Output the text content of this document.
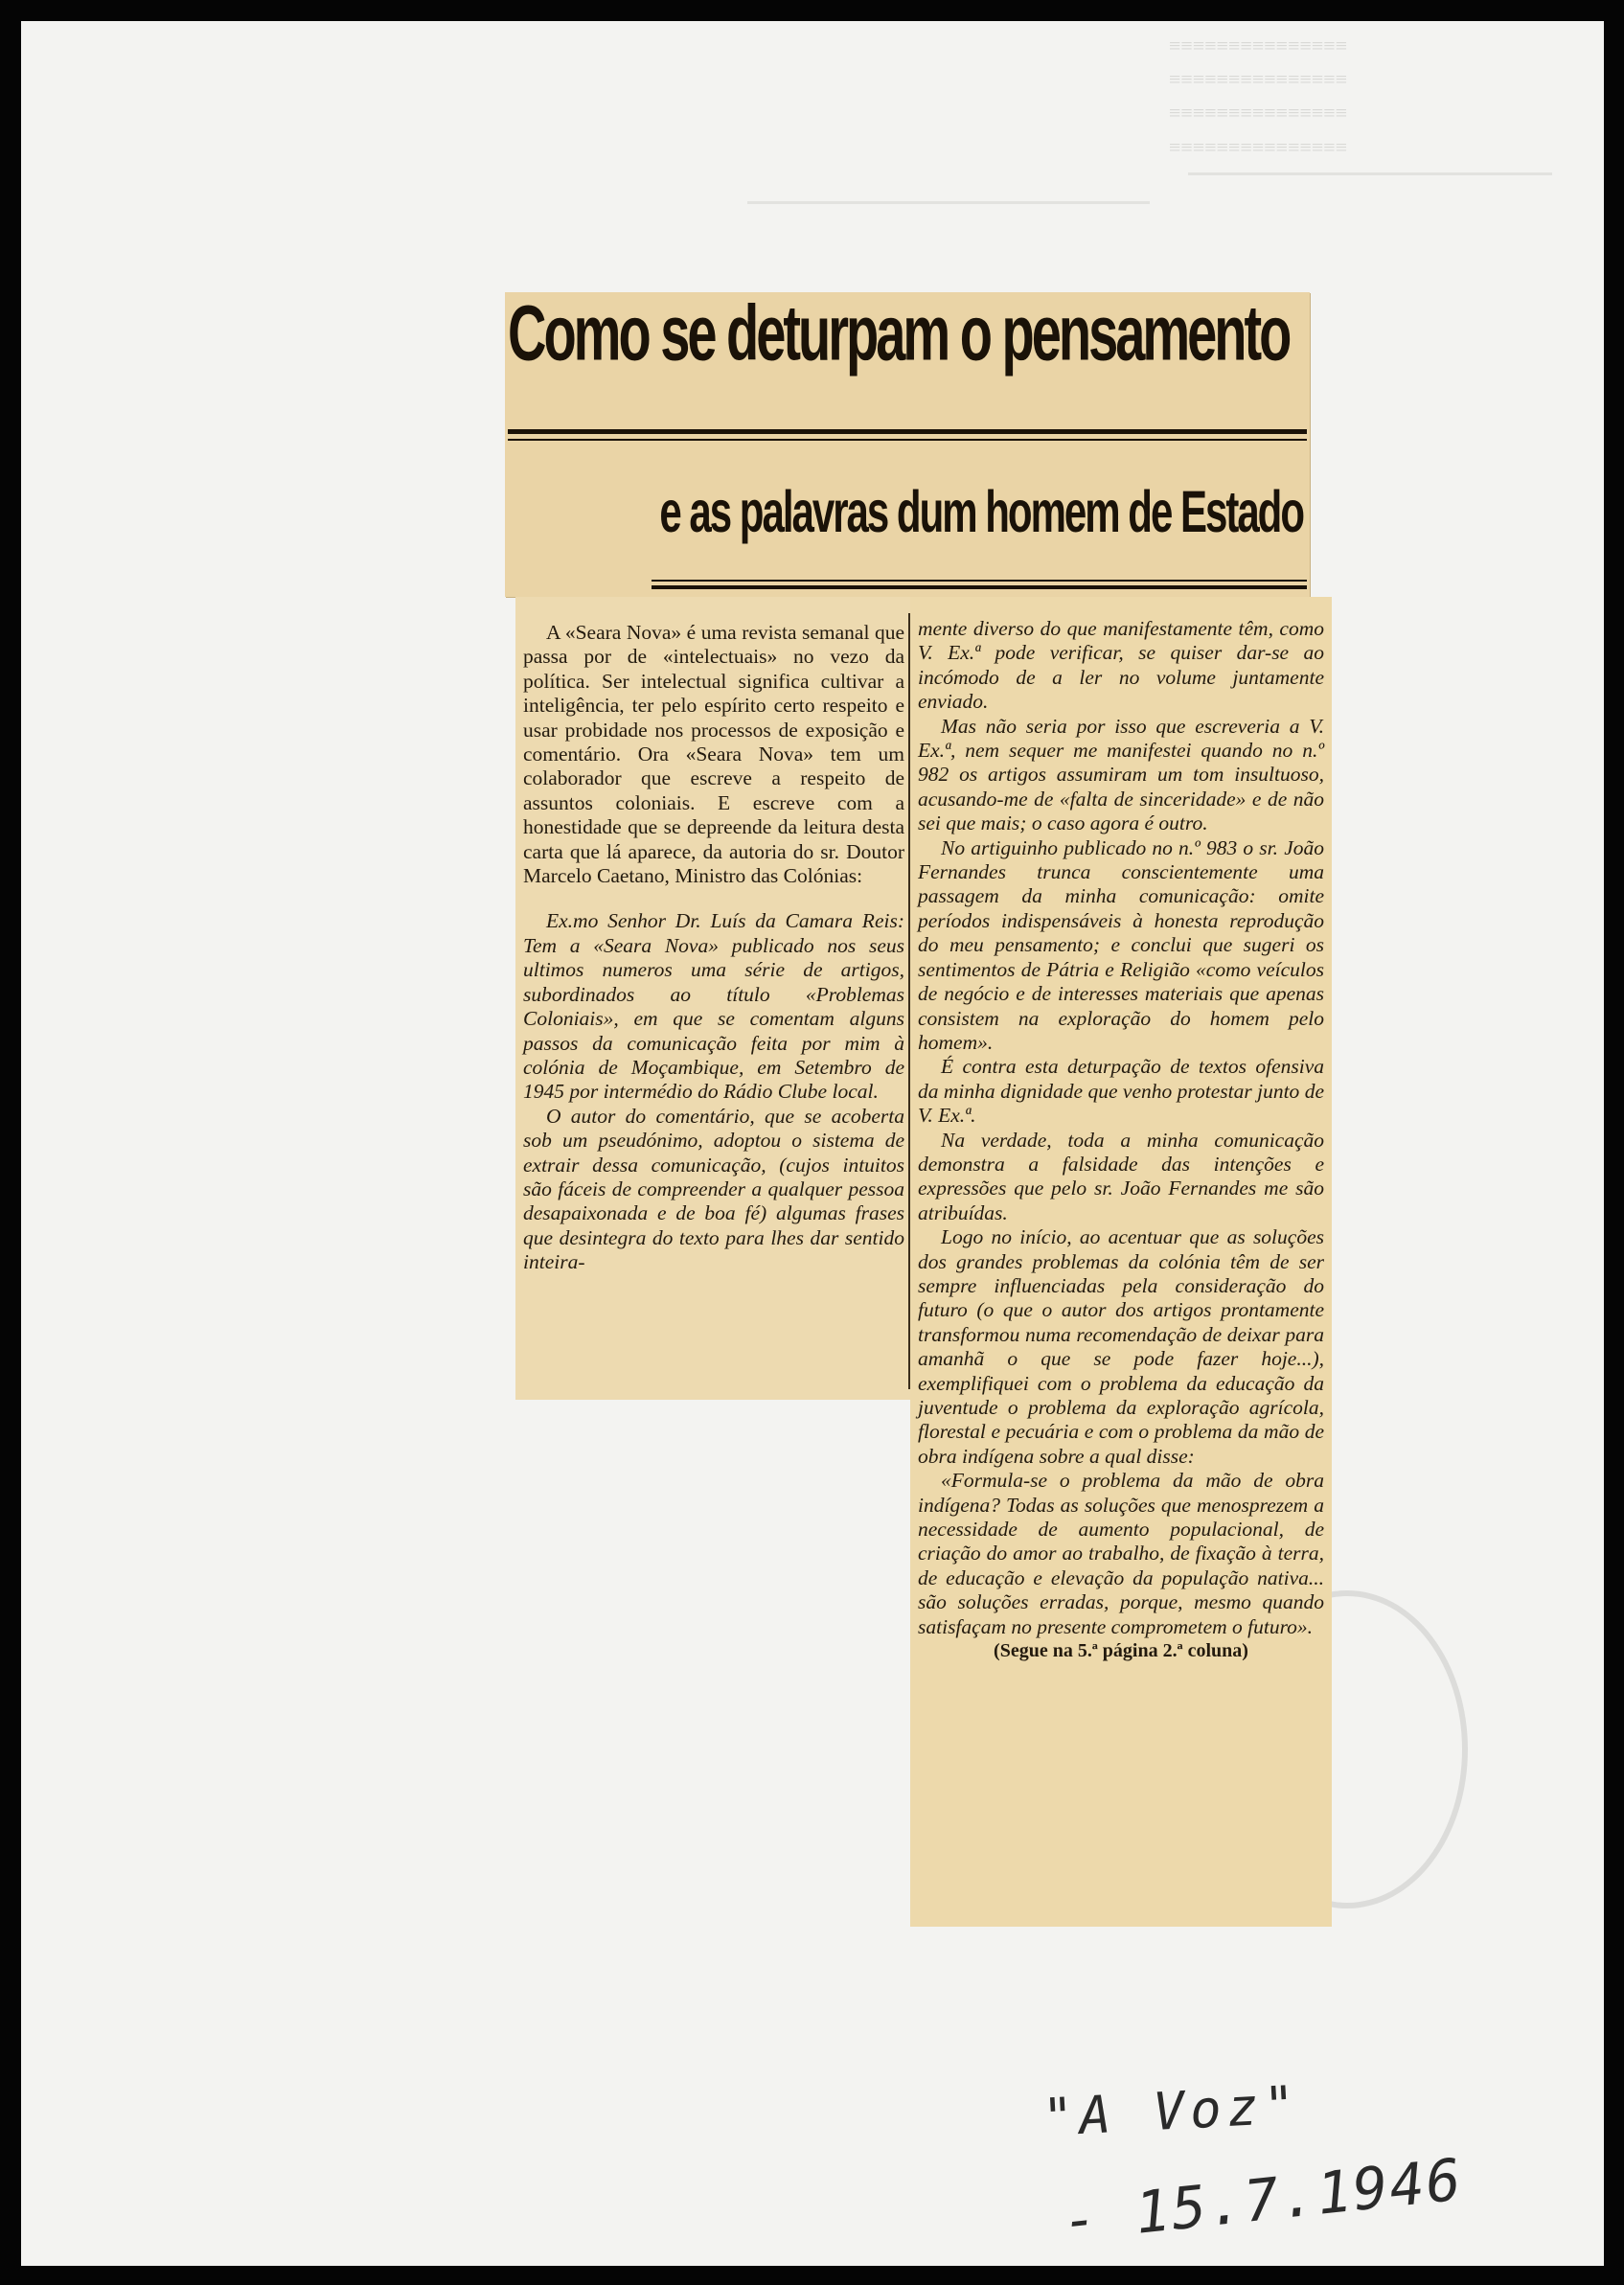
≡≡≡≡≡≡≡≡≡≡≡≡≡≡≡
≡≡≡≡≡≡≡≡≡≡≡≡≡≡≡
≡≡≡≡≡≡≡≡≡≡≡≡≡≡≡
≡≡≡≡≡≡≡≡≡≡≡≡≡≡≡
Como se deturpam o pensamento
e as palavras dum homem de Estado

A «Seara Nova» é uma revista semanal que passa por de «intelectuais» no vezo da política. Ser intelectual significa cultivar a inteligência, ter pelo espírito certo respeito e usar probidade nos processos de exposição e comentário. Ora «Seara Nova» tem um colaborador que escreve a respeito de assuntos coloniais. E escreve com a honestidade que se depreende da leitura desta carta que lá aparece, da autoria do sr. Doutor Marcelo Caetano, Ministro das Colónias:

Ex.mo Senhor Dr. Luís da Camara Reis: Tem a «Seara Nova» publicado nos seus ultimos numeros uma série de artigos, subordinados ao título «Problemas Coloniais», em que se comentam alguns passos da comunicação feita por mim à colónia de Moçambique, em Setembro de 1945 por intermédio do Rádio Clube local.

O autor do comentário, que se acoberta sob um pseudónimo, adoptou o sistema de extrair dessa comunicação, (cujos intuitos são fáceis de compreender a qualquer pessoa desapaixonada e de boa fé) algumas frases que desintegra do texto para lhes dar sentido inteira-

mente diverso do que manifestamente têm, como V. Ex.ª pode verificar, se quiser dar-se ao incómodo de a ler no volume juntamente enviado.

Mas não seria por isso que escreveria a V. Ex.ª, nem sequer me manifestei quando no n.º 982 os artigos assumiram um tom insultuoso, acusando-me de «falta de sinceridade» e de não sei que mais; o caso agora é outro.

No artiguinho publicado no n.º 983 o sr. João Fernandes trunca conscientemente uma passagem da minha comunicação: omite períodos indispensáveis à honesta reprodução do meu pensamento; e conclui que sugeri os sentimentos de Pátria e Religião «como veículos de negócio e de interesses materiais que apenas consistem na exploração do homem pelo homem».

É contra esta deturpação de textos ofensiva da minha dignidade que venho protestar junto de V. Ex.ª.

Na verdade, toda a minha comunicação demonstra a falsidade das intenções e expressões que pelo sr. João Fernandes me são atribuídas.

Logo no início, ao acentuar que as soluções dos grandes problemas da colónia têm de ser sempre influenciadas pela consideração do futuro (o que o autor dos artigos prontamente transformou numa recomendação de deixar para amanhã o que se pode fazer hoje...), exemplifiquei com o problema da educação da juventude o problema da exploração agrícola, florestal e pecuária e com o problema da mão de obra indígena sobre a qual disse:

«Formula-se o problema da mão de obra indígena? Todas as soluções que menosprezem a necessidade de aumento populacional, de criação do amor ao trabalho, de fixação à terra, de educação e elevação da população nativa... são soluções erradas, porque, mesmo quando satisfaçam no presente comprometem o futuro».

(Segue na 5.ª página 2.ª coluna)

"A Voz"
- 15.7.1946
